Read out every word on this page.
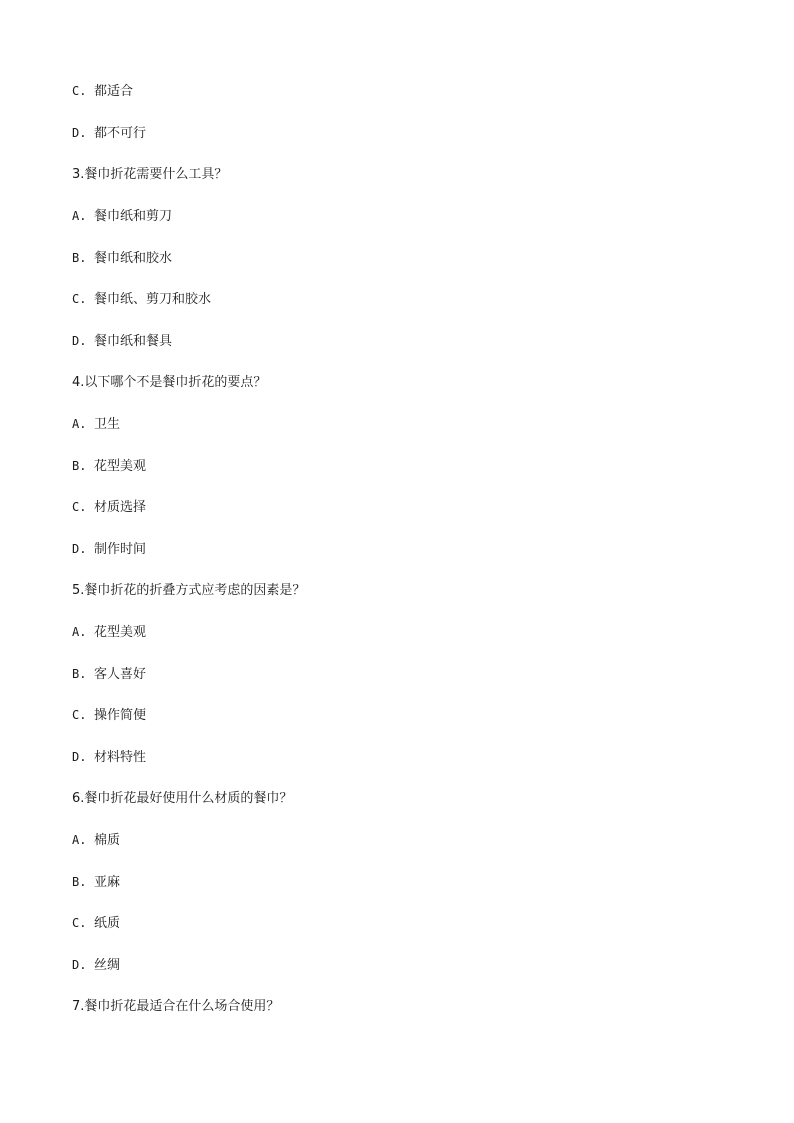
C. 都适合
D. 都不可行
3.餐巾折花需要什么工具？
A. 餐巾纸和剪刀
B. 餐巾纸和胶水
C. 餐巾纸、剪刀和胶水
D. 餐巾纸和餐具
4.以下哪个不是餐巾折花的要点？
A. 卫生
B. 花型美观
C. 材质选择
D. 制作时间
5.餐巾折花的折叠方式应考虑的因素是？
A. 花型美观
B. 客人喜好
C. 操作简便
D. 材料特性
6.餐巾折花最好使用什么材质的餐巾？
A. 棉质
B. 亚麻
C. 纸质
D. 丝绸
7.餐巾折花最适合在什么场合使用？
